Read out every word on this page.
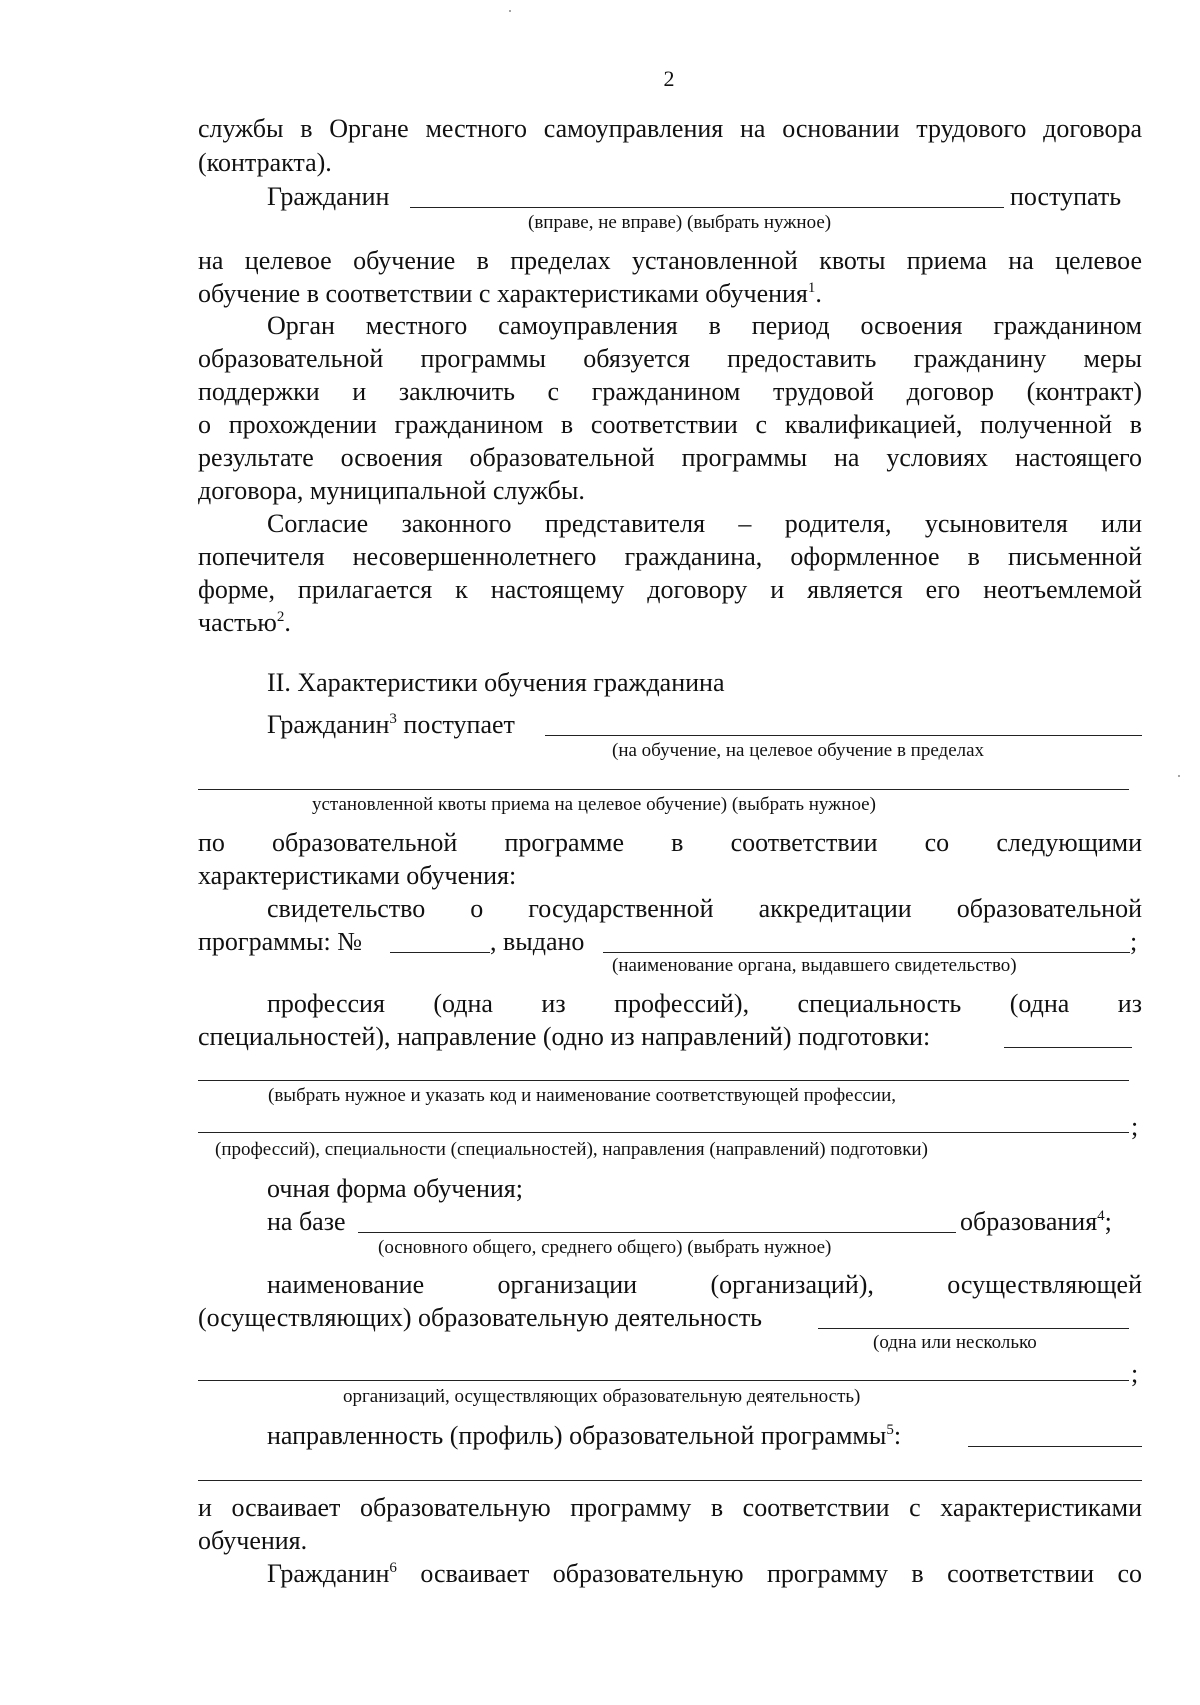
2
службы в Органе местного самоуправления на основании трудового договора
(контракта).
Гражданин	поступать
(вправе, не вправе) (выбрать нужное)
на целевое обучение в пределах установленной квоты приема на целевое
обучение в соответствии с характеристиками обучения$^1$.
Орган местного самоуправления в период освоения гражданином
образовательной программы обязуется предоставить гражданину меры
поддержки и заключить с гражданином трудовой договор (контракт)
о прохождении гражданином в соответствии с квалификацией, полученной в
результате освоения образовательной программы на условиях настоящего
договора, муниципальной службы.
Согласие законного представителя – родителя, усыновителя или
попечителя несовершеннолетнего гражданина, оформленное в письменной
форме, прилагается к настоящему договору и является его неотъемлемой
частью$^2$.
II. Характеристики обучения гражданина
Гражданин$^3$ поступает
(на обучение, на целевое обучение в пределах
установленной квоты приема на целевое обучение) (выбрать нужное)
по образовательной программе в соответствии со следующими
характеристиками обучения:
свидетельство о государственной аккредитации образовательной
программы: №	, выдано	;
(наименование органа, выдавшего свидетельство)
профессия (одна из профессий), специальность (одна из
специальностей), направление (одно из направлений) подготовки:
(выбрать нужное и указать код и наименование соответствующей профессии,
;
(профессий), специальности (специальностей), направления (направлений) подготовки)
очная форма обучения;
на базе	образования$^4$;
(основного общего, среднего общего) (выбрать нужное)
наименование организации (организаций), осуществляющей
(осуществляющих) образовательную деятельность
(одна или несколько
;
организаций, осуществляющих образовательную деятельность)
направленность (профиль) образовательной программы$^5$:
и осваивает образовательную программу в соответствии с характеристиками
обучения.
Гражданин$^6$ осваивает образовательную программу в соответствии со
